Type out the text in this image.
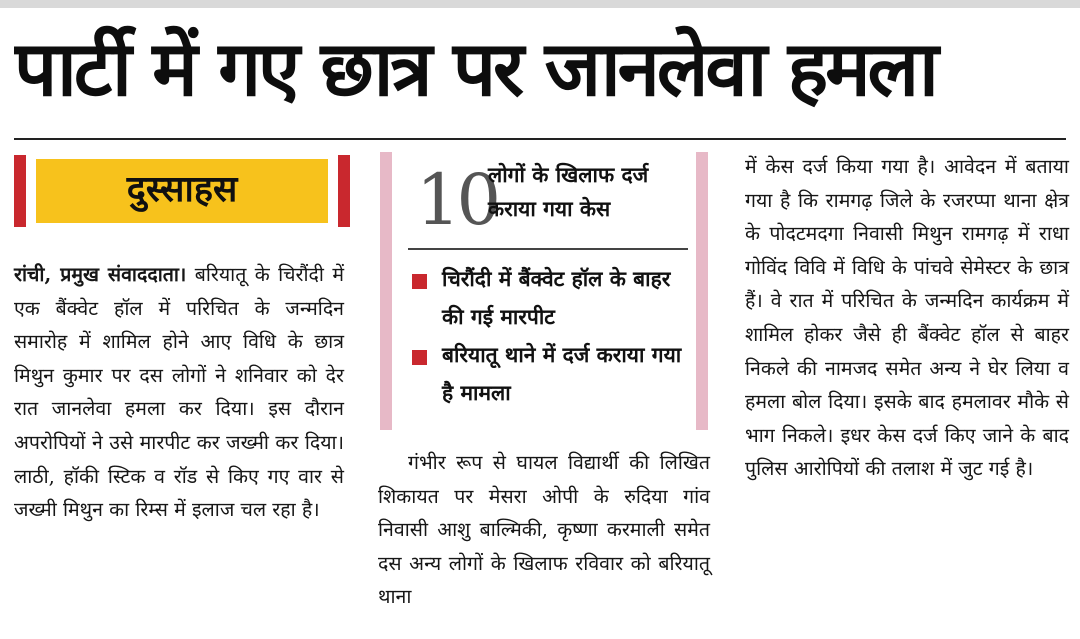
पार्टी में गए छात्र पर जानलेवा हमला
दुस्साहस
रांची, प्रमुख संवाददाता। बरियातू के चिरौंदी में एक बैंक्वेट हॉल में परिचित के जन्मदिन समारोह में शामिल होने आए विधि के छात्र मिथुन कुमार पर दस लोगों ने शनिवार को देर रात जानलेवा हमला कर दिया। इस दौरान अपरोपियों ने उसे मारपीट कर जख्मी कर दिया। लाठी, हॉकी स्टिक व रॉड से किए गए वार से जख्मी मिथुन का रिम्स में इलाज चल रहा है।
10
लोगों के खिलाफ दर्ज कराया गया केस
चिरौंदी में बैंक्वेट हॉल के बाहर की गई मारपीट
बरियातू थाने में दर्ज कराया गया है मामला
गंभीर रूप से घायल विद्यार्थी की लिखित शिकायत पर मेसरा ओपी के रुदिया गांव निवासी आशु बाल्मिकी, कृष्णा करमाली समेत दस अन्य लोगों के खिलाफ रविवार को बरियातू थाना
में केस दर्ज किया गया है। आवेदन में बताया गया है कि रामगढ़ जिले के रजरप्पा थाना क्षेत्र के पोदटमदगा निवासी मिथुन रामगढ़ में राधा गोविंद विवि में विधि के पांचवे सेमेस्टर के छात्र हैं। वे रात में परिचित के जन्मदिन कार्यक्रम में शामिल होकर जैसे ही बैंक्वेट हॉल से बाहर निकले की नामजद समेत अन्य ने घेर लिया व हमला बोल दिया। इसके बाद हमलावर मौके से भाग निकले। इधर केस दर्ज किए जाने के बाद पुलिस आरोपियों की तलाश में जुट गई है।
